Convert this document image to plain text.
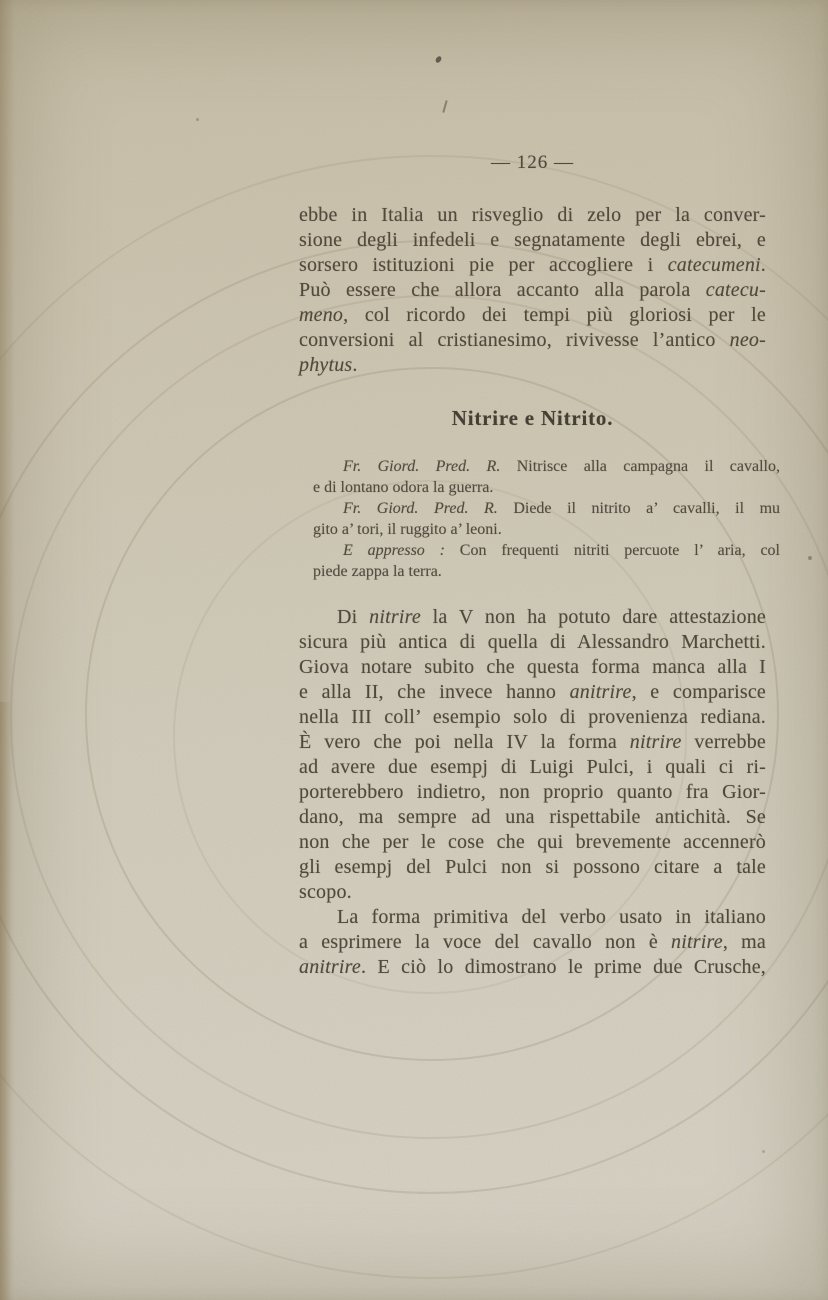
— 126 —
ebbe in Italia un risveglio di zelo per la conver-
sione degli infedeli e segnatamente degli ebrei, e
sorsero istituzioni pie per accogliere i catecumeni.
Può essere che allora accanto alla parola catecu-
meno, col ricordo dei tempi più gloriosi per le
conversioni al cristianesimo, rivivesse l’antico neo-
phytus.
Nitrire e Nitrito.
Fr. Giord. Pred. R. Nitrisce alla campagna il cavallo,
e di lontano odora la guerra.
Fr. Giord. Pred. R. Diede il nitrito a’ cavalli, il mu
gito a’ tori, il ruggito a’ leoni.
E appresso : Con frequenti nitriti percuote l’ aria, col
piede zappa la terra.
Di nitrire la V non ha potuto dare attestazione
sicura più antica di quella di Alessandro Marchetti.
Giova notare subito che questa forma manca alla I
e alla II, che invece hanno anitrire, e comparisce
nella III coll’ esempio solo di provenienza rediana.
È vero che poi nella IV la forma nitrire verrebbe
ad avere due esempj di Luigi Pulci, i quali ci ri-
porterebbero indietro, non proprio quanto fra Gior-
dano, ma sempre ad una rispettabile antichità. Se
non che per le cose che qui brevemente accennerò
gli esempj del Pulci non si possono citare a tale
scopo.
La forma primitiva del verbo usato in italiano
a esprimere la voce del cavallo non è nitrire, ma
anitrire. E ciò lo dimostrano le prime due Crusche,
